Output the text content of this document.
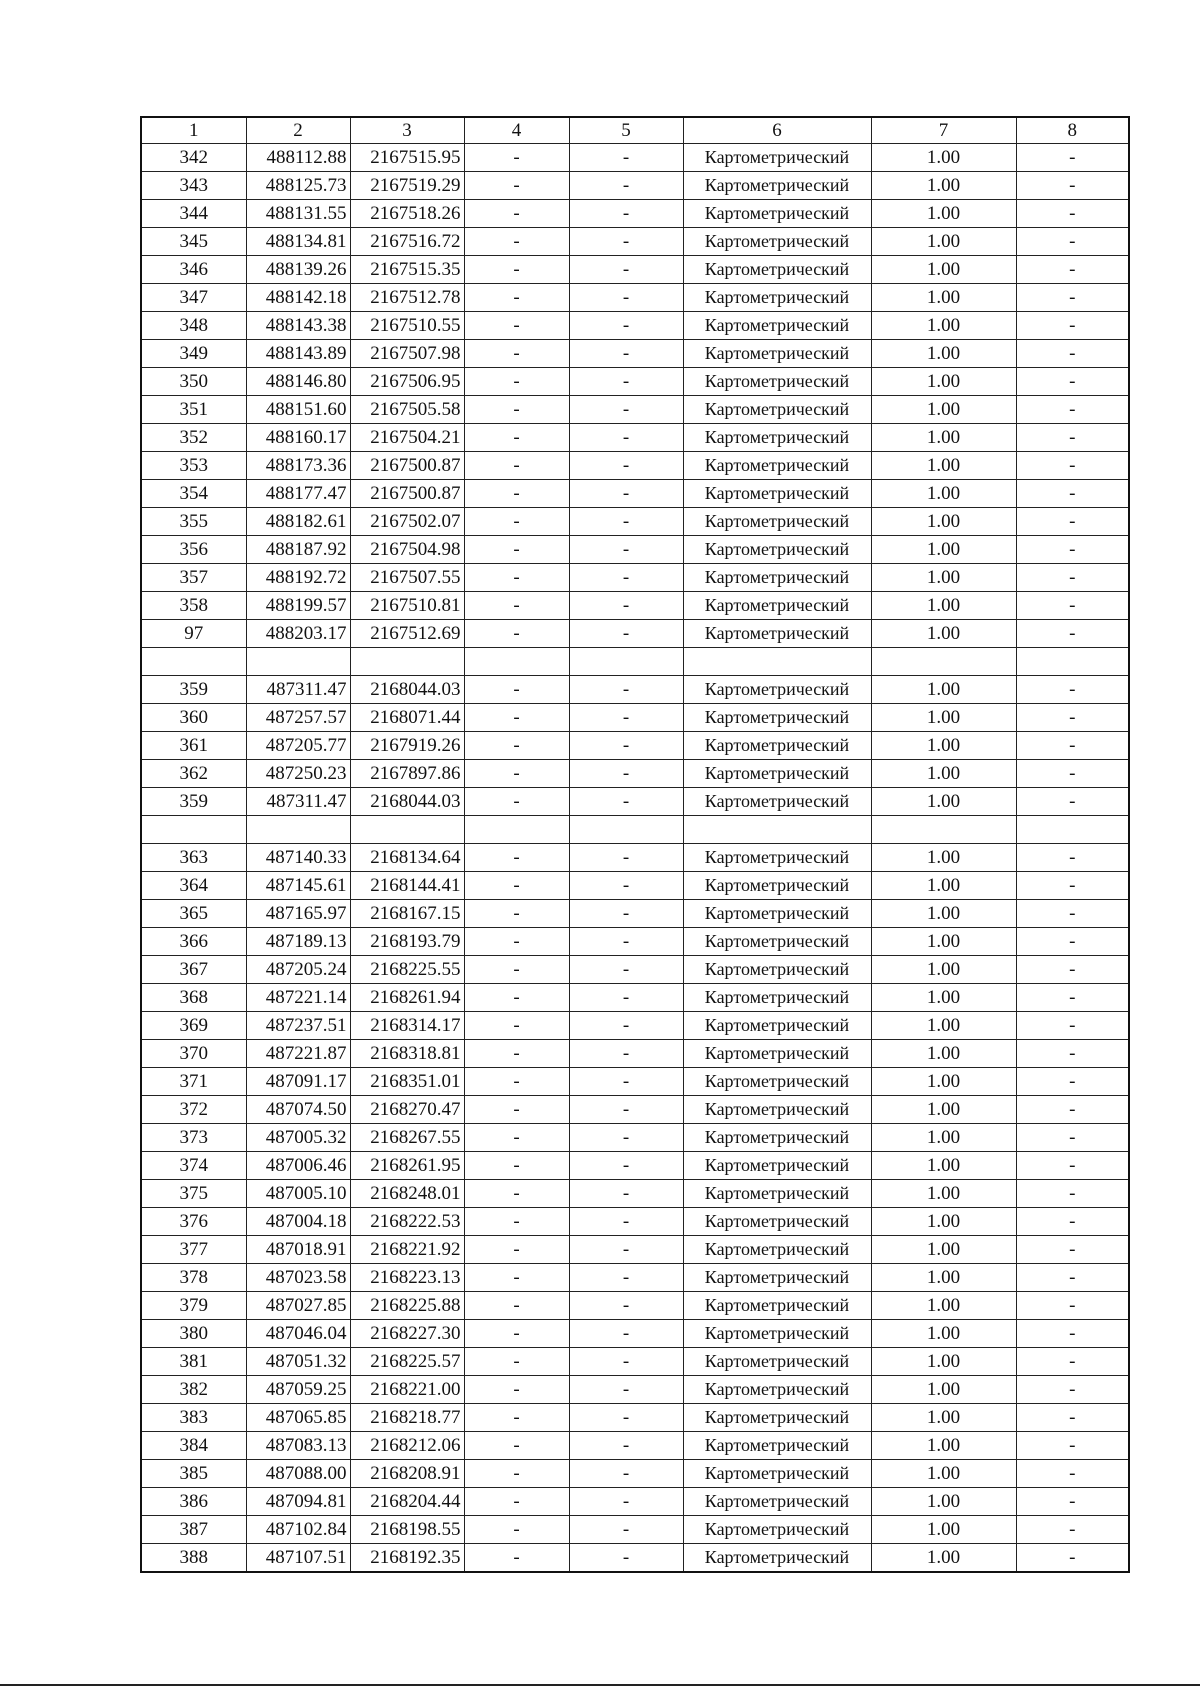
1	2	3	4	5	6	7	8
342	488112.88	2167515.95	-	-	Картометрический	1.00	-
343	488125.73	2167519.29	-	-	Картометрический	1.00	-
344	488131.55	2167518.26	-	-	Картометрический	1.00	-
345	488134.81	2167516.72	-	-	Картометрический	1.00	-
346	488139.26	2167515.35	-	-	Картометрический	1.00	-
347	488142.18	2167512.78	-	-	Картометрический	1.00	-
348	488143.38	2167510.55	-	-	Картометрический	1.00	-
349	488143.89	2167507.98	-	-	Картометрический	1.00	-
350	488146.80	2167506.95	-	-	Картометрический	1.00	-
351	488151.60	2167505.58	-	-	Картометрический	1.00	-
352	488160.17	2167504.21	-	-	Картометрический	1.00	-
353	488173.36	2167500.87	-	-	Картометрический	1.00	-
354	488177.47	2167500.87	-	-	Картометрический	1.00	-
355	488182.61	2167502.07	-	-	Картометрический	1.00	-
356	488187.92	2167504.98	-	-	Картометрический	1.00	-
357	488192.72	2167507.55	-	-	Картометрический	1.00	-
358	488199.57	2167510.81	-	-	Картометрический	1.00	-
97	488203.17	2167512.69	-	-	Картометрический	1.00	-

359	487311.47	2168044.03	-	-	Картометрический	1.00	-
360	487257.57	2168071.44	-	-	Картометрический	1.00	-
361	487205.77	2167919.26	-	-	Картометрический	1.00	-
362	487250.23	2167897.86	-	-	Картометрический	1.00	-
359	487311.47	2168044.03	-	-	Картометрический	1.00	-

363	487140.33	2168134.64	-	-	Картометрический	1.00	-
364	487145.61	2168144.41	-	-	Картометрический	1.00	-
365	487165.97	2168167.15	-	-	Картометрический	1.00	-
366	487189.13	2168193.79	-	-	Картометрический	1.00	-
367	487205.24	2168225.55	-	-	Картометрический	1.00	-
368	487221.14	2168261.94	-	-	Картометрический	1.00	-
369	487237.51	2168314.17	-	-	Картометрический	1.00	-
370	487221.87	2168318.81	-	-	Картометрический	1.00	-
371	487091.17	2168351.01	-	-	Картометрический	1.00	-
372	487074.50	2168270.47	-	-	Картометрический	1.00	-
373	487005.32	2168267.55	-	-	Картометрический	1.00	-
374	487006.46	2168261.95	-	-	Картометрический	1.00	-
375	487005.10	2168248.01	-	-	Картометрический	1.00	-
376	487004.18	2168222.53	-	-	Картометрический	1.00	-
377	487018.91	2168221.92	-	-	Картометрический	1.00	-
378	487023.58	2168223.13	-	-	Картометрический	1.00	-
379	487027.85	2168225.88	-	-	Картометрический	1.00	-
380	487046.04	2168227.30	-	-	Картометрический	1.00	-
381	487051.32	2168225.57	-	-	Картометрический	1.00	-
382	487059.25	2168221.00	-	-	Картометрический	1.00	-
383	487065.85	2168218.77	-	-	Картометрический	1.00	-
384	487083.13	2168212.06	-	-	Картометрический	1.00	-
385	487088.00	2168208.91	-	-	Картометрический	1.00	-
386	487094.81	2168204.44	-	-	Картометрический	1.00	-
387	487102.84	2168198.55	-	-	Картометрический	1.00	-
388	487107.51	2168192.35	-	-	Картометрический	1.00	-
